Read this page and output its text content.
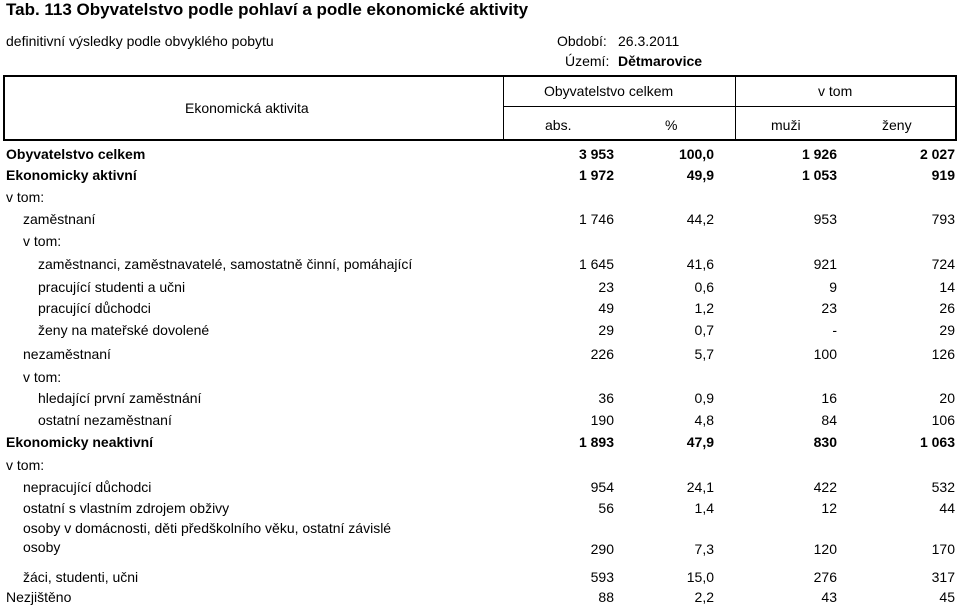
Tab. 113 Obyvatelstvo podle pohlaví a podle ekonomické aktivity
definitivní výsledky podle obvyklého pobytu	Období: 26.3.2011
Území: Dětmarovice
Ekonomická aktivita
Obyvatelstvo celkem	v tom
abs.	%	muži	ženy
Obyvatelstvo celkem	3 953	100,0	1 926	2 027
Ekonomicky aktivní	1 972	49,9	1 053	919
v tom:
zaměstnaní	1 746	44,2	953	793
v tom:
zaměstnanci, zaměstnavatelé, samostatně činní, pomáhající	1 645	41,6	921	724
pracující studenti a učni	23	0,6	9	14
pracující důchodci	49	1,2	23	26
ženy na mateřské dovolené	29	0,7	-	29
nezaměstnaní	226	5,7	100	126
v tom:
hledající první zaměstnání	36	0,9	16	20
ostatní nezaměstnaní	190	4,8	84	106
Ekonomicky neaktivní	1 893	47,9	830	1 063
v tom:
nepracující důchodci	954	24,1	422	532
ostatní s vlastním zdrojem obživy	56	1,4	12	44
osoby v domácnosti, děti předškolního věku, ostatní závislé
osoby	290	7,3	120	170
žáci, studenti, učni	593	15,0	276	317
Nezjištěno	88	2,2	43	45
